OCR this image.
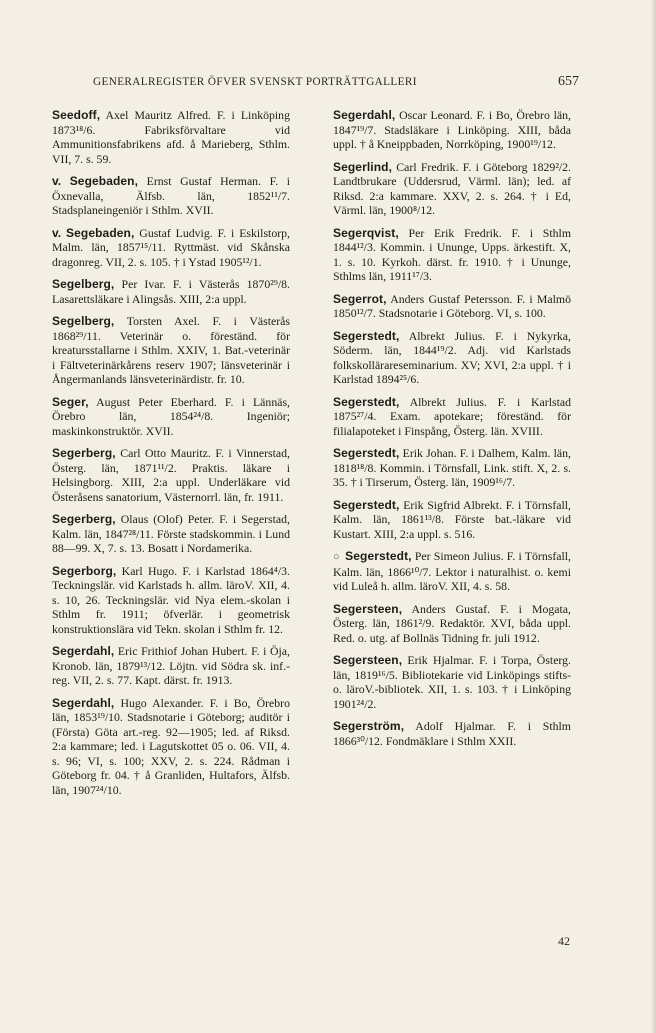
GENERALREGISTER ÖFVER SVENSKT PORTRÄTTGALLERI	657

Seedoff, Axel Mauritz Alfred. F. i Linköping 1873¹⁸/6. Fabriksförvaltare vid Ammunitionsfabrikens afd. å Marieberg, Sthlm. VII, 7. s. 59.

v. Segebaden, Ernst Gustaf Herman. F. i Öxnevalla, Älfsb. län, 1852¹¹/7. Stadsplaneingeniör i Sthlm. XVII.

v. Segebaden, Gustaf Ludvig. F. i Eskilstorp, Malm. län, 1857¹⁵/11. Ryttmäst. vid Skånska dragonreg. VII, 2. s. 105. † i Ystad 1905¹²/1.

Segelberg, Per Ivar. F. i Västerås 1870²⁹/8. Lasarettsläkare i Alingsås. XIII, 2:a uppl.

Segelberg, Torsten Axel. F. i Västerås 1868²⁹/11. Veterinär o. föreständ. för kreatursstallarne i Sthlm. XXIV, 1. Bat.-veterinär i Fältveterinärkårens reserv 1907; länsveterinär i Ångermanlands länsveterinärdistr. fr. 10.

Seger, August Peter Eberhard. F. i Lännäs, Örebro län, 1854²⁴/8. Ingeniör; maskinkonstruktör. XVII.

Segerberg, Carl Otto Mauritz. F. i Vinnerstad, Österg. län, 1871¹¹/2. Praktis. läkare i Helsingborg. XIII, 2:a uppl. Underläkare vid Österåsens sanatorium, Västernorrl. län, fr. 1911.

Segerberg, Olaus (Olof) Peter. F. i Segerstad, Kalm. län, 1847²⁸/11. Förste stadskommin. i Lund 88—99. X, 7. s. 13. Bosatt i Nordamerika.

Segerborg, Karl Hugo. F. i Karlstad 1864⁴/3. Teckningslär. vid Karlstads h. allm. läroV. XII, 4. s. 10, 26. Teckningslär. vid Nya elem.-skolan i Sthlm fr. 1911; öfverlär. i geometrisk konstruktionslära vid Tekn. skolan i Sthlm fr. 12.

Segerdahl, Eric Frithiof Johan Hubert. F. i Öja, Kronob. län, 1879¹³/12. Löjtn. vid Södra sk. inf.-reg. VII, 2. s. 77. Kapt. därst. fr. 1913.

Segerdahl, Hugo Alexander. F. i Bo, Örebro län, 1853¹⁹/10. Stadsnotarie i Göteborg; auditör i (Första) Göta art.-reg. 92—1905; led. af Riksd. 2:a kammare; led. i Lagutskottet 05 o. 06. VII, 4. s. 96; VI, s. 100; XXV, 2. s. 224. Rådman i Göteborg fr. 04. † å Granliden, Hultafors, Älfsb. län, 1907²⁴/10.

Segerdahl, Oscar Leonard. F. i Bo, Örebro län, 1847¹⁹/7. Stadsläkare i Linköping. XIII, båda uppl. † å Kneippbaden, Norrköping, 1900¹⁹/12.

Segerlind, Carl Fredrik. F. i Göteborg 1829²/2. Landtbrukare (Uddersrud, Värml. län); led. af Riksd. 2:a kammare. XXV, 2. s. 264. † i Ed, Värml. län, 1900⁸/12.

Segerqvist, Per Erik Fredrik. F. i Sthlm 1844¹²/3. Kommin. i Ununge, Upps. ärkestift. X, 1. s. 10. Kyrkoh. därst. fr. 1910. † i Ununge, Sthlms län, 1911¹⁷/3.

Segerrot, Anders Gustaf Petersson. F. i Malmö 1850¹²/7. Stadsnotarie i Göteborg. VI, s. 100.

Segerstedt, Albrekt Julius. F. i Nykyrka, Söderm. län, 1844¹⁹/2. Adj. vid Karlstads folkskollärareseminarium. XV; XVI, 2:a uppl. † i Karlstad 1894²⁵/6.

Segerstedt, Albrekt Julius. F. i Karlstad 1875²⁷/4. Exam. apotekare; föreständ. för filialapoteket i Finspång, Österg. län. XVIII.

Segerstedt, Erik Johan. F. i Dalhem, Kalm. län, 1818¹⁸/8. Kommin. i Törnsfall, Link. stift. X, 2. s. 35. † i Tirserum, Österg. län, 1909¹⁶/7.

Segerstedt, Erik Sigfrid Albrekt. F. i Törnsfall, Kalm. län, 1861¹³/8. Förste bat.-läkare vid Kustart. XIII, 2:a uppl. s. 516.

○ Segerstedt, Per Simeon Julius. F. i Törnsfall, Kalm. län, 1866¹⁰/7. Lektor i naturalhist. o. kemi vid Luleå h. allm. läroV. XII, 4. s. 58.

Segersteen, Anders Gustaf. F. i Mogata, Österg. län, 1861²/9. Redaktör. XVI, båda uppl. Red. o. utg. af Bollnäs Tidning fr. juli 1912.

Segersteen, Erik Hjalmar. F. i Torpa, Österg. län, 1819¹⁶/5. Bibliotekarie vid Linköpings stifts- o. läroV.-bibliotek. XII, 1. s. 103. † i Linköping 1901²⁴/2.

Segerström, Adolf Hjalmar. F. i Sthlm 1866³⁰/12. Fondmäklare i Sthlm XXII.

42
